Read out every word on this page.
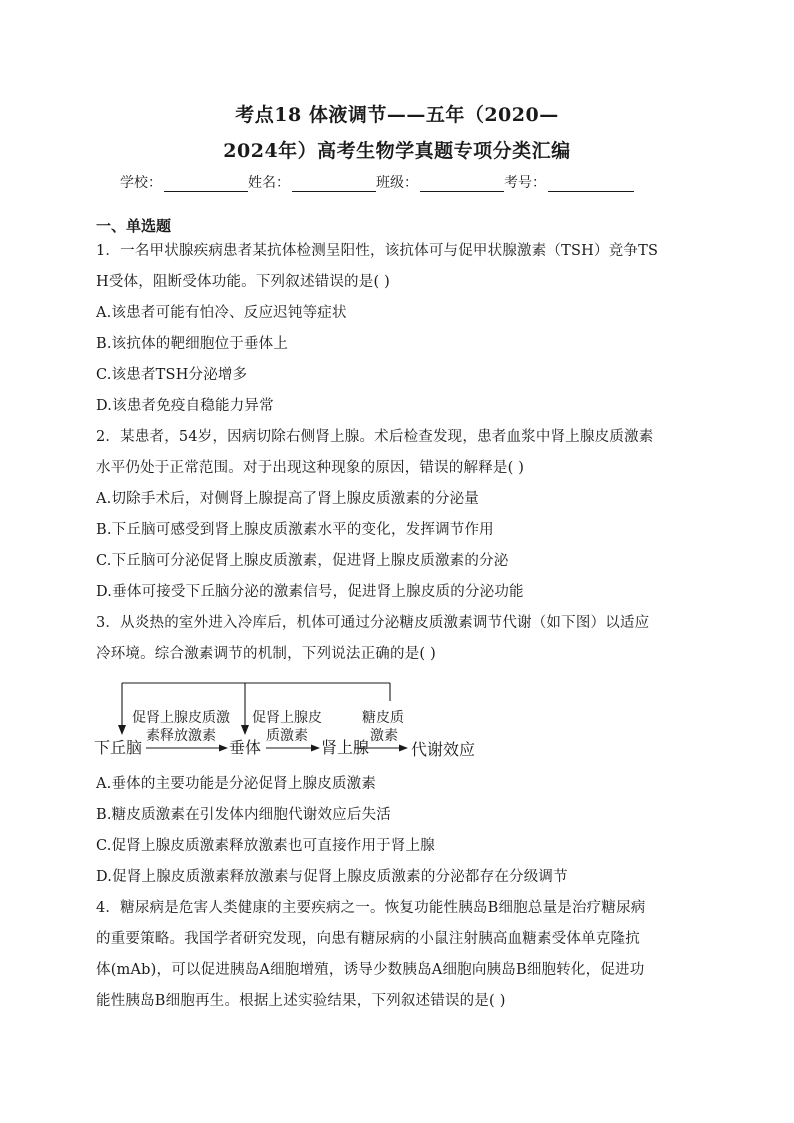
考点18 体液调节——五年（2020—
2024年）高考生物学真题专项分类汇编
学校：	姓名：	班级：	考号：
一、单选题
1．一名甲状腺疾病患者某抗体检测呈阳性，该抗体可与促甲状腺激素（TSH）竞争TS
H受体，阻断受体功能。下列叙述错误的是( )
A.该患者可能有怕冷、反应迟钝等症状
B.该抗体的靶细胞位于垂体上
C.该患者TSH分泌增多
D.该患者免疫自稳能力异常
2．某患者，54岁，因病切除右侧肾上腺。术后检查发现，患者血浆中肾上腺皮质激素
水平仍处于正常范围。对于出现这种现象的原因，错误的解释是( )
A.切除手术后，对侧肾上腺提高了肾上腺皮质激素的分泌量
B.下丘脑可感受到肾上腺皮质激素水平的变化，发挥调节作用
C.下丘脑可分泌促肾上腺皮质激素，促进肾上腺皮质激素的分泌
D.垂体可接受下丘脑分泌的激素信号，促进肾上腺皮质的分泌功能
3．从炎热的室外进入冷库后，机体可通过分泌糖皮质激素调节代谢（如下图）以适应
冷环境。综合激素调节的机制，下列说法正确的是( )
下丘脑	垂体	肾上腺	代谢效应
促肾上腺皮质激
素释放激素
促肾上腺皮
质激素
糖皮质
激素
A.垂体的主要功能是分泌促肾上腺皮质激素
B.糖皮质激素在引发体内细胞代谢效应后失活
C.促肾上腺皮质激素释放激素也可直接作用于肾上腺
D.促肾上腺皮质激素释放激素与促肾上腺皮质激素的分泌都存在分级调节
4．糖尿病是危害人类健康的主要疾病之一。恢复功能性胰岛B细胞总量是治疗糖尿病
的重要策略。我国学者研究发现，向患有糖尿病的小鼠注射胰高血糖素受体单克隆抗
体(mAb)，可以促进胰岛A细胞增殖，诱导少数胰岛A细胞向胰岛B细胞转化，促进功
能性胰岛B细胞再生。根据上述实验结果，下列叙述错误的是( )
